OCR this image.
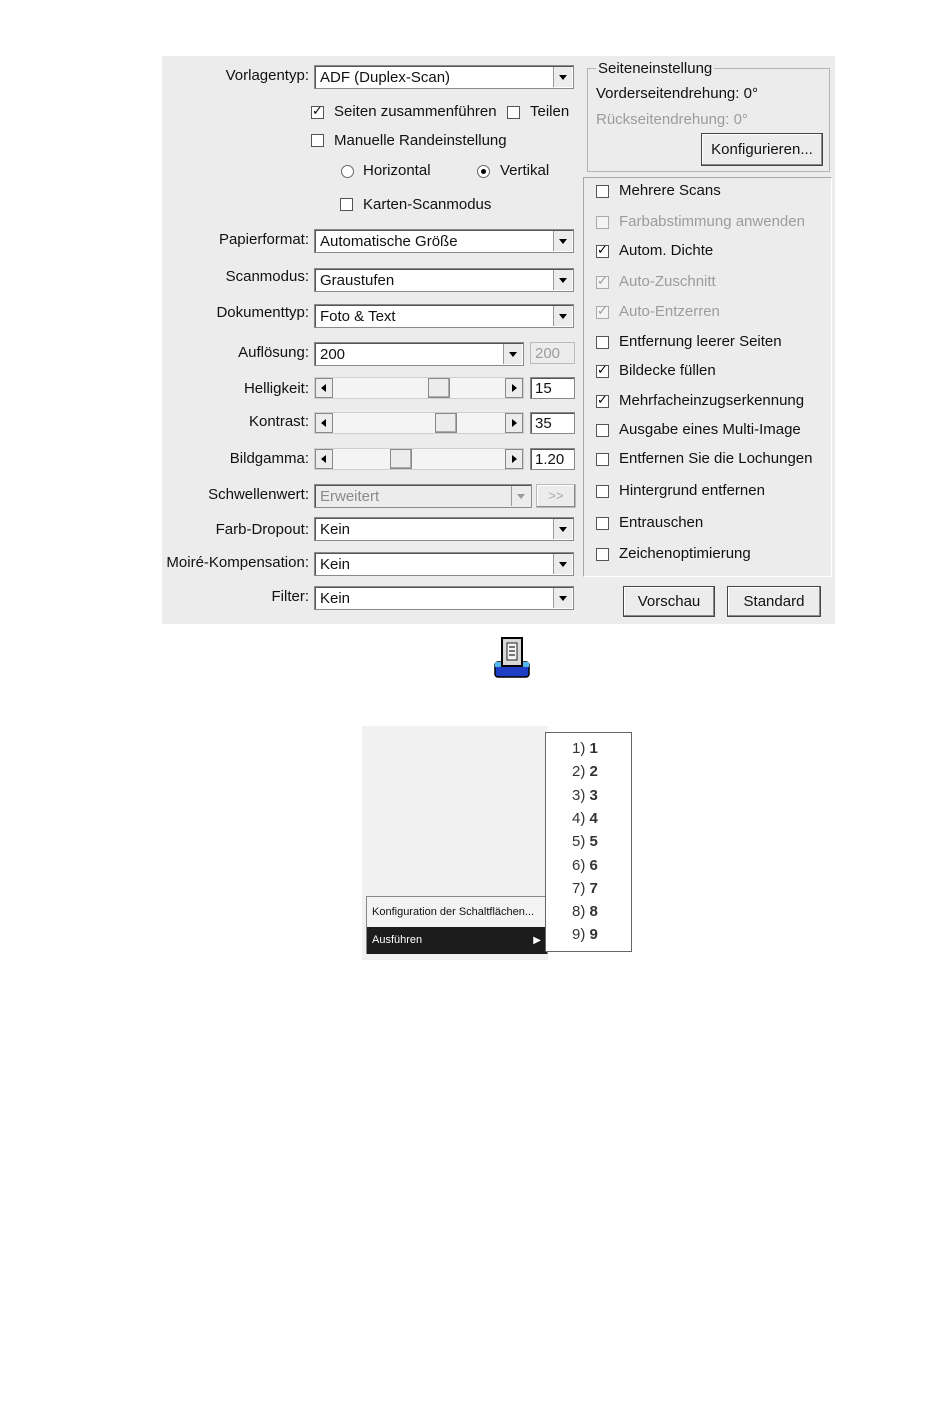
Vorlagentyp: ADF (Duplex-Scan)
✓
Seiten zusammenführen Teilen
Manuelle Randeinstellung
Horizontal	Vertikal
Karten-Scanmodus
Papierformat: Automatische Größe
Scanmodus: Graustufen
Dokumenttyp: Foto & Text
Auflösung: 200	200
Helligkeit:	15
Kontrast:	35
Bildgamma:	1.20
Schwellenwert: Erweitert	>>
Farb-Dropout: Kein
Moiré-Kompensation: Kein
Filter: Kein
Seiteneinstellung
Vorderseitendrehung: 0°
Rückseitendrehung: 0°
Konfigurieren...
Vorschau	Standard
Mehrere Scans
Farbabstimmung anwenden
✓
Autom. Dichte
✓
Auto-Zuschnitt
✓
Auto-Entzerren
Entfernung leerer Seiten
✓
Bildecke füllen
✓
Mehrfacheinzugserkennung
Ausgabe eines Multi-Image
Entfernen Sie die Lochungen
Hintergrund entfernen
Entrauschen
Zeichenoptimierung
Konfiguration der Schaltflächen...
Ausführen	▶
1) 1
2) 2
3) 3
4) 4
5) 5
6) 6
7) 7
8) 8
9) 9
